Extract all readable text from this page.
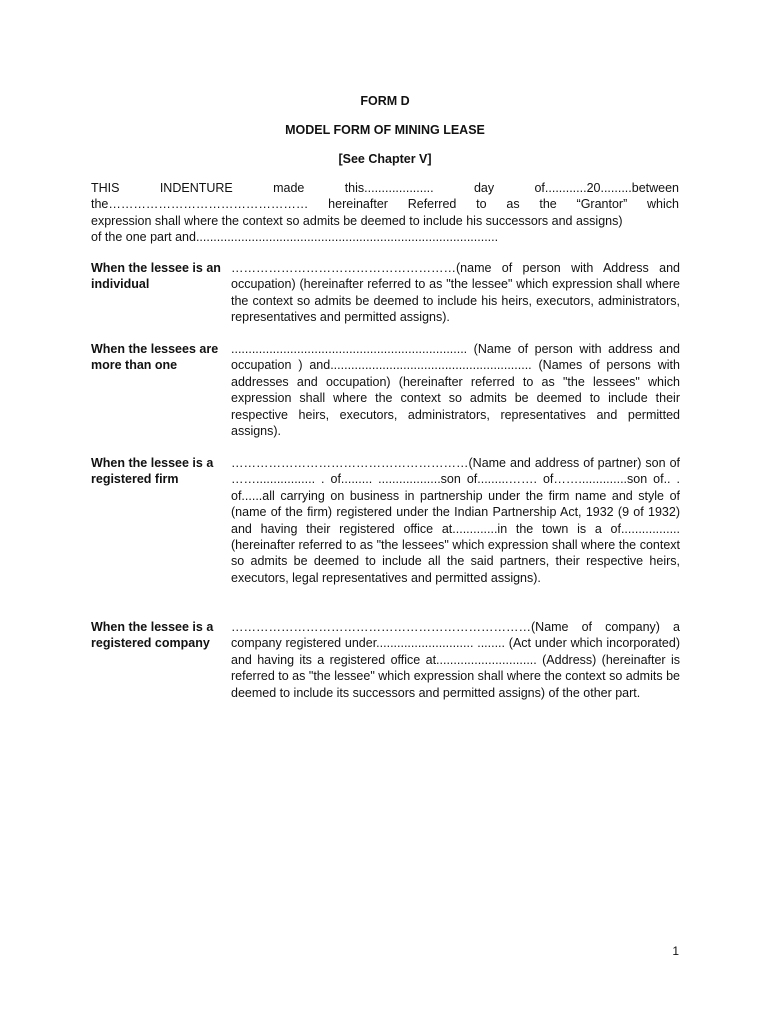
FORM D
MODEL FORM OF MINING LEASE
[See Chapter V]

THIS INDENTURE made this.................... day of............20.........between

the………………………………………… hereinafter Referred to as the “Grantor” which

expression shall where the context so admits be deemed to include his successors and assigns)

of the one part and.......................................................................................

When the lessee is an individual
………………………………………………(name of person with Address and occupation) (hereinafter referred to as "the lessee" which expression shall where the context so admits be deemed to include his heirs, executors, administrators, representatives and permitted assigns).
When the lessees are more than one
.................................................................... (Name of person with address and occupation ) and.......................................................... (Names of persons with addresses and occupation) (hereinafter referred to as "the lessees" which expression shall where the context so admits be deemed to include their respective heirs, executors, administrators, representatives and permitted assigns).
When the lessee is a registered firm
…………………………………………………(Name and address of partner) son of ……................. . of......... ..................son of.........……. of……..............son of.. . of......all carrying on business in partnership under the firm name and style of (name of the firm) registered under the Indian Partnership Act, 1932 (9 of 1932) and having their registered office at.............in the town is a of................. (hereinafter referred to as "the lessees" which expression shall where the context so admits be deemed to include all the said partners, their respective heirs, executors, legal representatives and permitted assigns).
When the lessee is a registered company
………………………………………………………………(Name of company) a company registered under............................ ........ (Act under which incorporated) and having its a registered office at............................. (Address) (hereinafter is referred to as "the lessee" which expression shall where the context so admits be deemed to include its successors and permitted assigns) of the other part.
1
